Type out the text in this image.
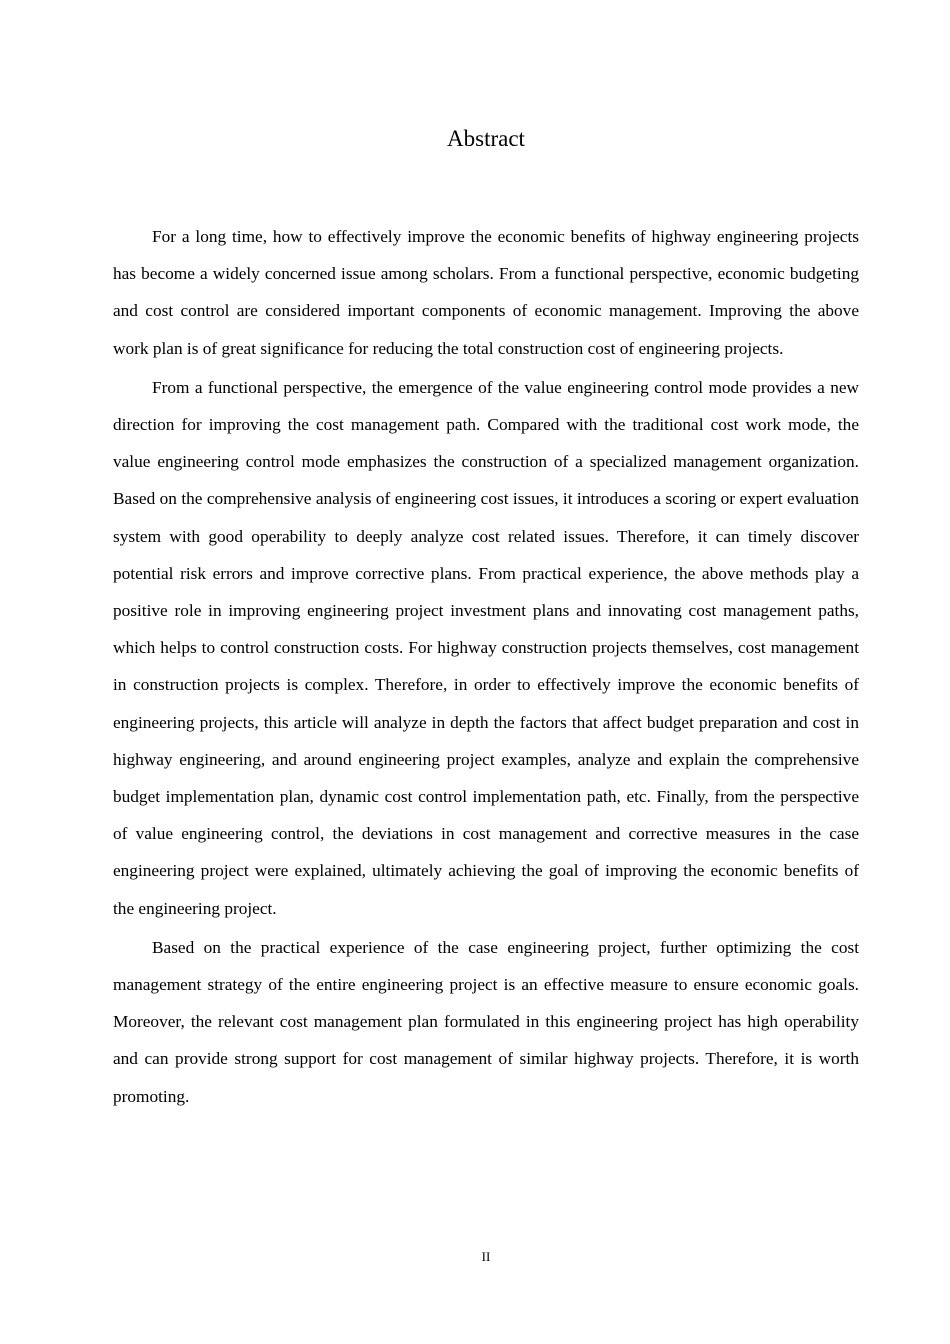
Abstract

For a long time, how to effectively improve the economic benefits of highway engineering projects has become a widely concerned issue among scholars. From a functional perspective, economic budgeting and cost control are considered important components of economic management. Improving the above work plan is of great significance for reducing the total construction cost of engineering projects.

From a functional perspective, the emergence of the value engineering control mode provides a new direction for improving the cost management path. Compared with the traditional cost work mode, the value engineering control mode emphasizes the construction of a specialized management organization. Based on the comprehensive analysis of engineering cost issues, it introduces a scoring or expert evaluation system with good operability to deeply analyze cost related issues. Therefore, it can timely discover potential risk errors and improve corrective plans. From practical experience, the above methods play a positive role in improving engineering project investment plans and innovating cost management paths, which helps to control construction costs. For highway construction projects themselves, cost management in construction projects is complex. Therefore, in order to effectively improve the economic benefits of engineering projects, this article will analyze in depth the factors that affect budget preparation and cost in highway engineering, and around engineering project examples, analyze and explain the comprehensive budget implementation plan, dynamic cost control implementation path, etc. Finally, from the perspective of value engineering control, the deviations in cost management and corrective measures in the case engineering project were explained, ultimately achieving the goal of improving the economic benefits of the engineering project.

Based on the practical experience of the case engineering project, further optimizing the cost management strategy of the entire engineering project is an effective measure to ensure economic goals. Moreover, the relevant cost management plan formulated in this engineering project has high operability and can provide strong support for cost management of similar highway projects. Therefore, it is worth promoting.

II
